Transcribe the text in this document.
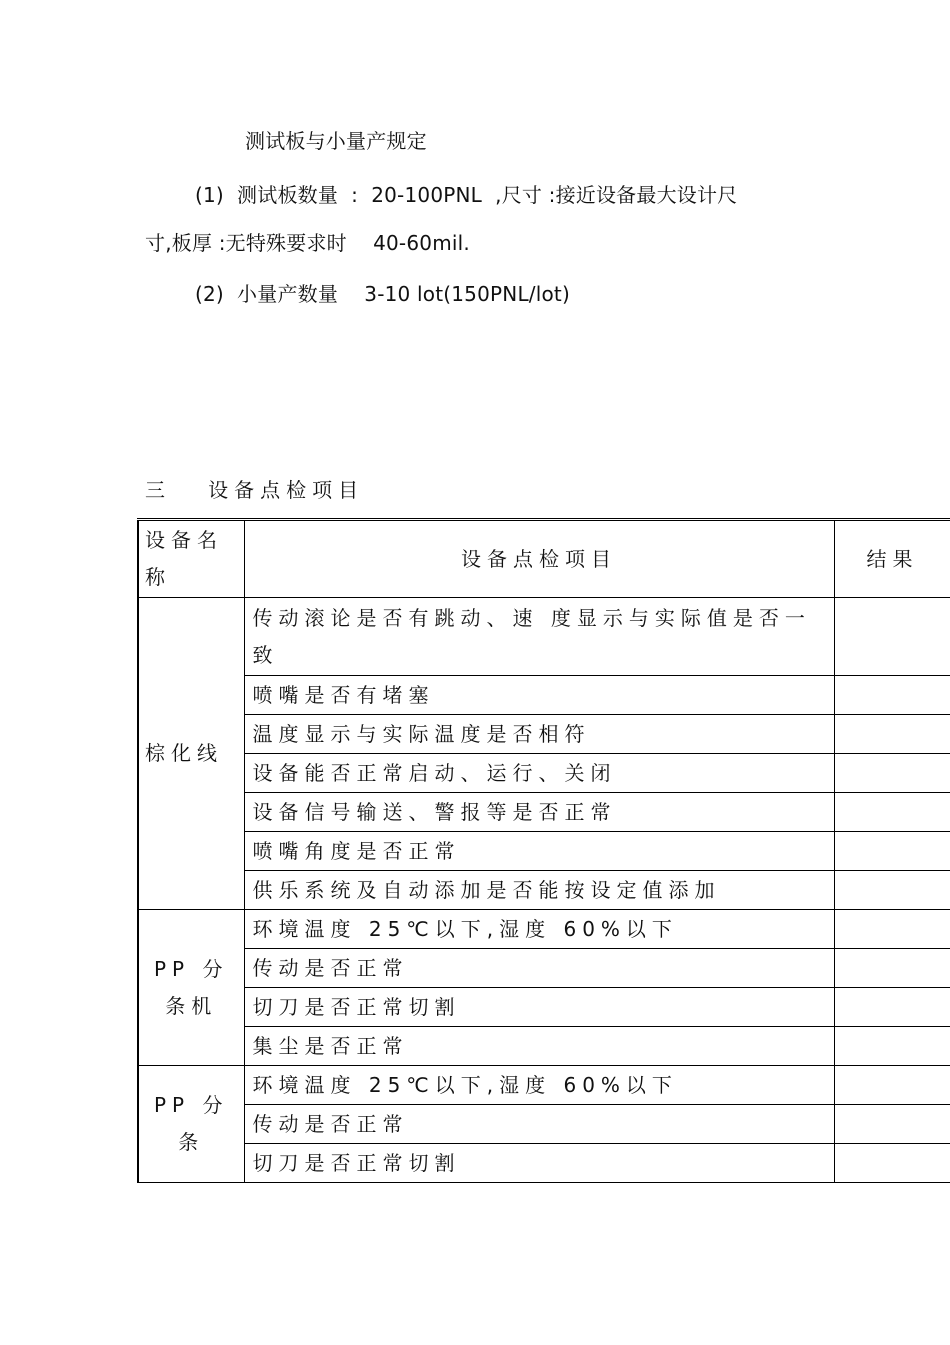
测试板与小量产规定
(1)  测试板数量  :  20-100PNL  ,尺寸 :接近设备最大设计尺
寸,板厚 :无特殊要求时    40-60mil.
(2)  小量产数量    3-10 lot(150PNL/lot)
三   设备点检项目
设备名称	设备点检项目	结果
棕化线	传动滚论是否有跳动、速 度显示与实际值是否一致	
	喷嘴是否有堵塞	
	温度显示与实际温度是否相符	
	设备能否正常启动、运行、关闭	
	设备信号输送、警报等是否正常	
	喷嘴角度是否正常	
	供乐系统及自动添加是否能按设定值添加	
PP 分条机	环境温度 25℃以下,湿度 60%以下	
	传动是否正常	
	切刀是否正常切割	
	集尘是否正常	
PP 分条	环境温度 25℃以下,湿度 60%以下	
	传动是否正常	
	切刀是否正常切割	
